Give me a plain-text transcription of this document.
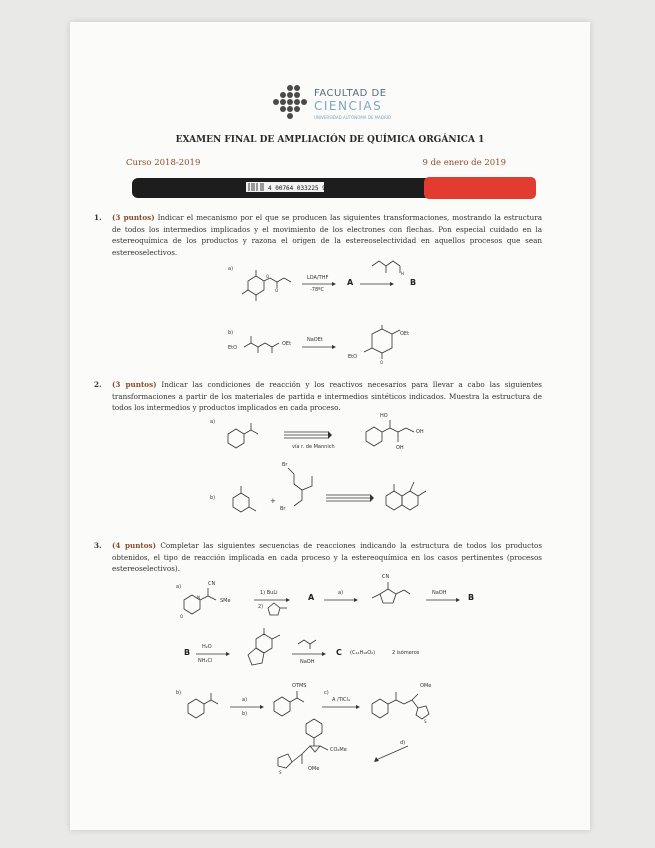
FACULTAD DE
CIENCIAS
UNIVERSIDAD AUTÓNOMA DE MADRID
EXAMEN FINAL DE AMPLIACIÓN DE QUÍMICA ORGÁNICA 1
Curso 2018-2019	9 de enero de 2019
4 00764 033225 9
1. (3 puntos) Indicar el mecanismo por el que se producen las siguientes transformaciones, mostrando la estructura de todos los intermedios implicados y el movimiento de los electrones con flechas. Pon especial cuidado en la estereoquímica de los productos y razona el origen de la estereoselectividad en aquellos procesos que sean estereoselectivos.
a)
O
O
LDA/THF
-78ºC
A	B
H
b)
EtO
OEt
NaOEt
O
EtO
OEt
2. (3 puntos) Indicar las condiciones de reacción y los reactivos necesarios para llevar a cabo las siguientes transformaciones a partir de los materiales de partida e intermedios sintéticos indicados. Muestra la estructura de todos los intermedios y productos implicados en cada proceso.
a)
vía r. de Mannich
HO
OH
OH
b)	+
Br
Br
3. (4 puntos) Completar las siguientes secuencias de reacciones indicando la estructura de todos los productos obtenidos, el tipo de reacción implicada en cada proceso y la estereoquímica en los casos pertinentes (procesos estereoselectivos).
a)
O
N
CN
SMe
1) BuLi
2)
A	a)
CN
NaOH	B
B
H₂O
NH₄Cl	NaOH
C (C₁₄H₁₈O₂)	2 isómeros
b)
a)
b)
OTMS
c)
A /TiCl₄
S
OMe
d)
S
CO₂Me
OMe
